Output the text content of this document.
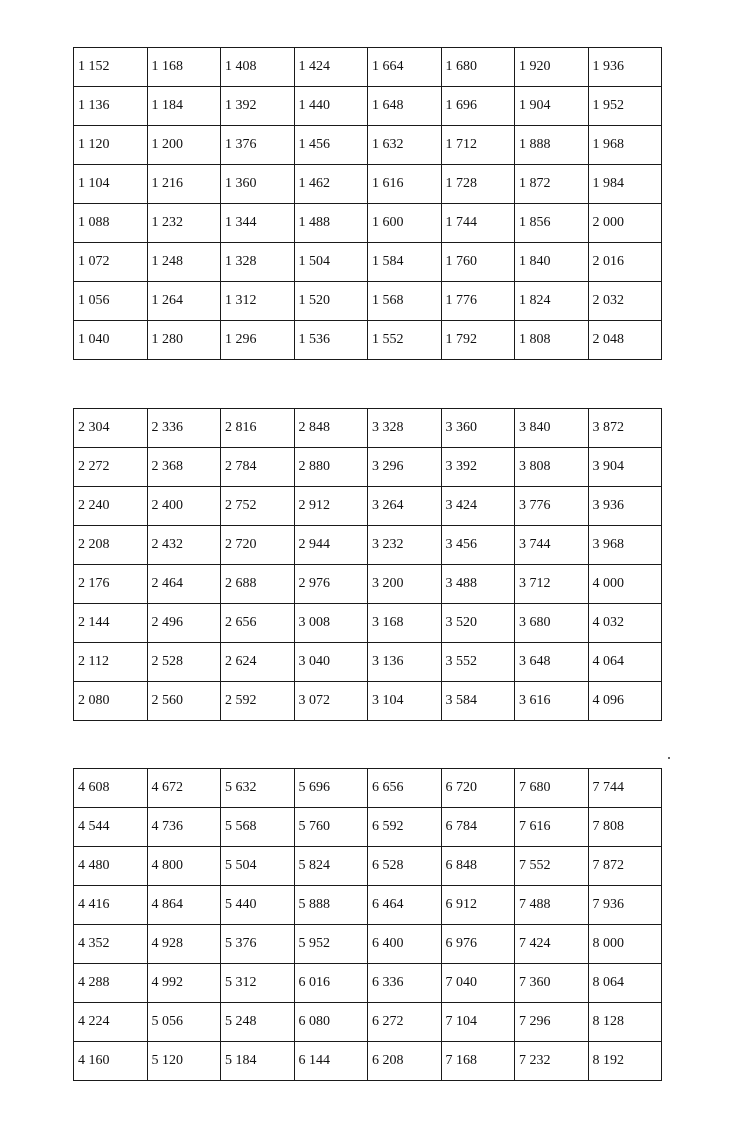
1 152	1 168	1 408	1 424	1 664	1 680	1 920	1 936
1 136	1 184	1 392	1 440	1 648	1 696	1 904	1 952
1 120	1 200	1 376	1 456	1 632	1 712	1 888	1 968
1 104	1 216	1 360	1 462	1 616	1 728	1 872	1 984
1 088	1 232	1 344	1 488	1 600	1 744	1 856	2 000
1 072	1 248	1 328	1 504	1 584	1 760	1 840	2 016
1 056	1 264	1 312	1 520	1 568	1 776	1 824	2 032
1 040	1 280	1 296	1 536	1 552	1 792	1 808	2 048
2 304	2 336	2 816	2 848	3 328	3 360	3 840	3 872
2 272	2 368	2 784	2 880	3 296	3 392	3 808	3 904
2 240	2 400	2 752	2 912	3 264	3 424	3 776	3 936
2 208	2 432	2 720	2 944	3 232	3 456	3 744	3 968
2 176	2 464	2 688	2 976	3 200	3 488	3 712	4 000
2 144	2 496	2 656	3 008	3 168	3 520	3 680	4 032
2 112	2 528	2 624	3 040	3 136	3 552	3 648	4 064
2 080	2 560	2 592	3 072	3 104	3 584	3 616	4 096
4 608	4 672	5 632	5 696	6 656	6 720	7 680	7 744
4 544	4 736	5 568	5 760	6 592	6 784	7 616	7 808
4 480	4 800	5 504	5 824	6 528	6 848	7 552	7 872
4 416	4 864	5 440	5 888	6 464	6 912	7 488	7 936
4 352	4 928	5 376	5 952	6 400	6 976	7 424	8 000
4 288	4 992	5 312	6 016	6 336	7 040	7 360	8 064
4 224	5 056	5 248	6 080	6 272	7 104	7 296	8 128
4 160	5 120	5 184	6 144	6 208	7 168	7 232	8 192
